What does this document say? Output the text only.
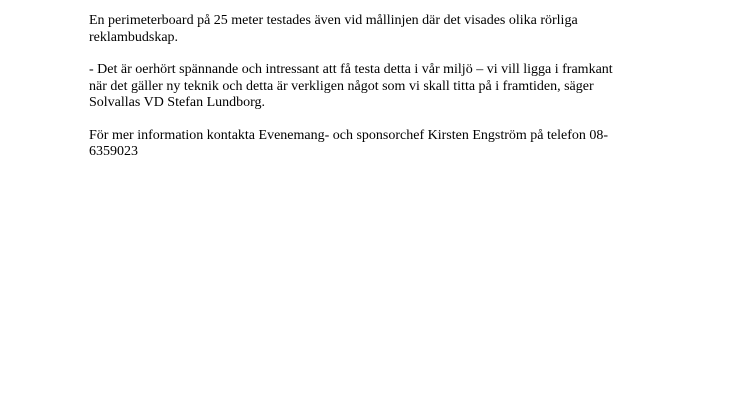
En perimeterboard på 25 meter testades även vid mållinjen där det visades olika rörliga
reklambudskap.

- Det är oerhört spännande och intressant att få testa detta i vår miljö – vi vill ligga i framkant
när det gäller ny teknik och detta är verkligen något som vi skall titta på i framtiden, säger
Solvallas VD Stefan Lundborg.

För mer information kontakta Evenemang- och sponsorchef Kirsten Engström på telefon 08-
6359023
